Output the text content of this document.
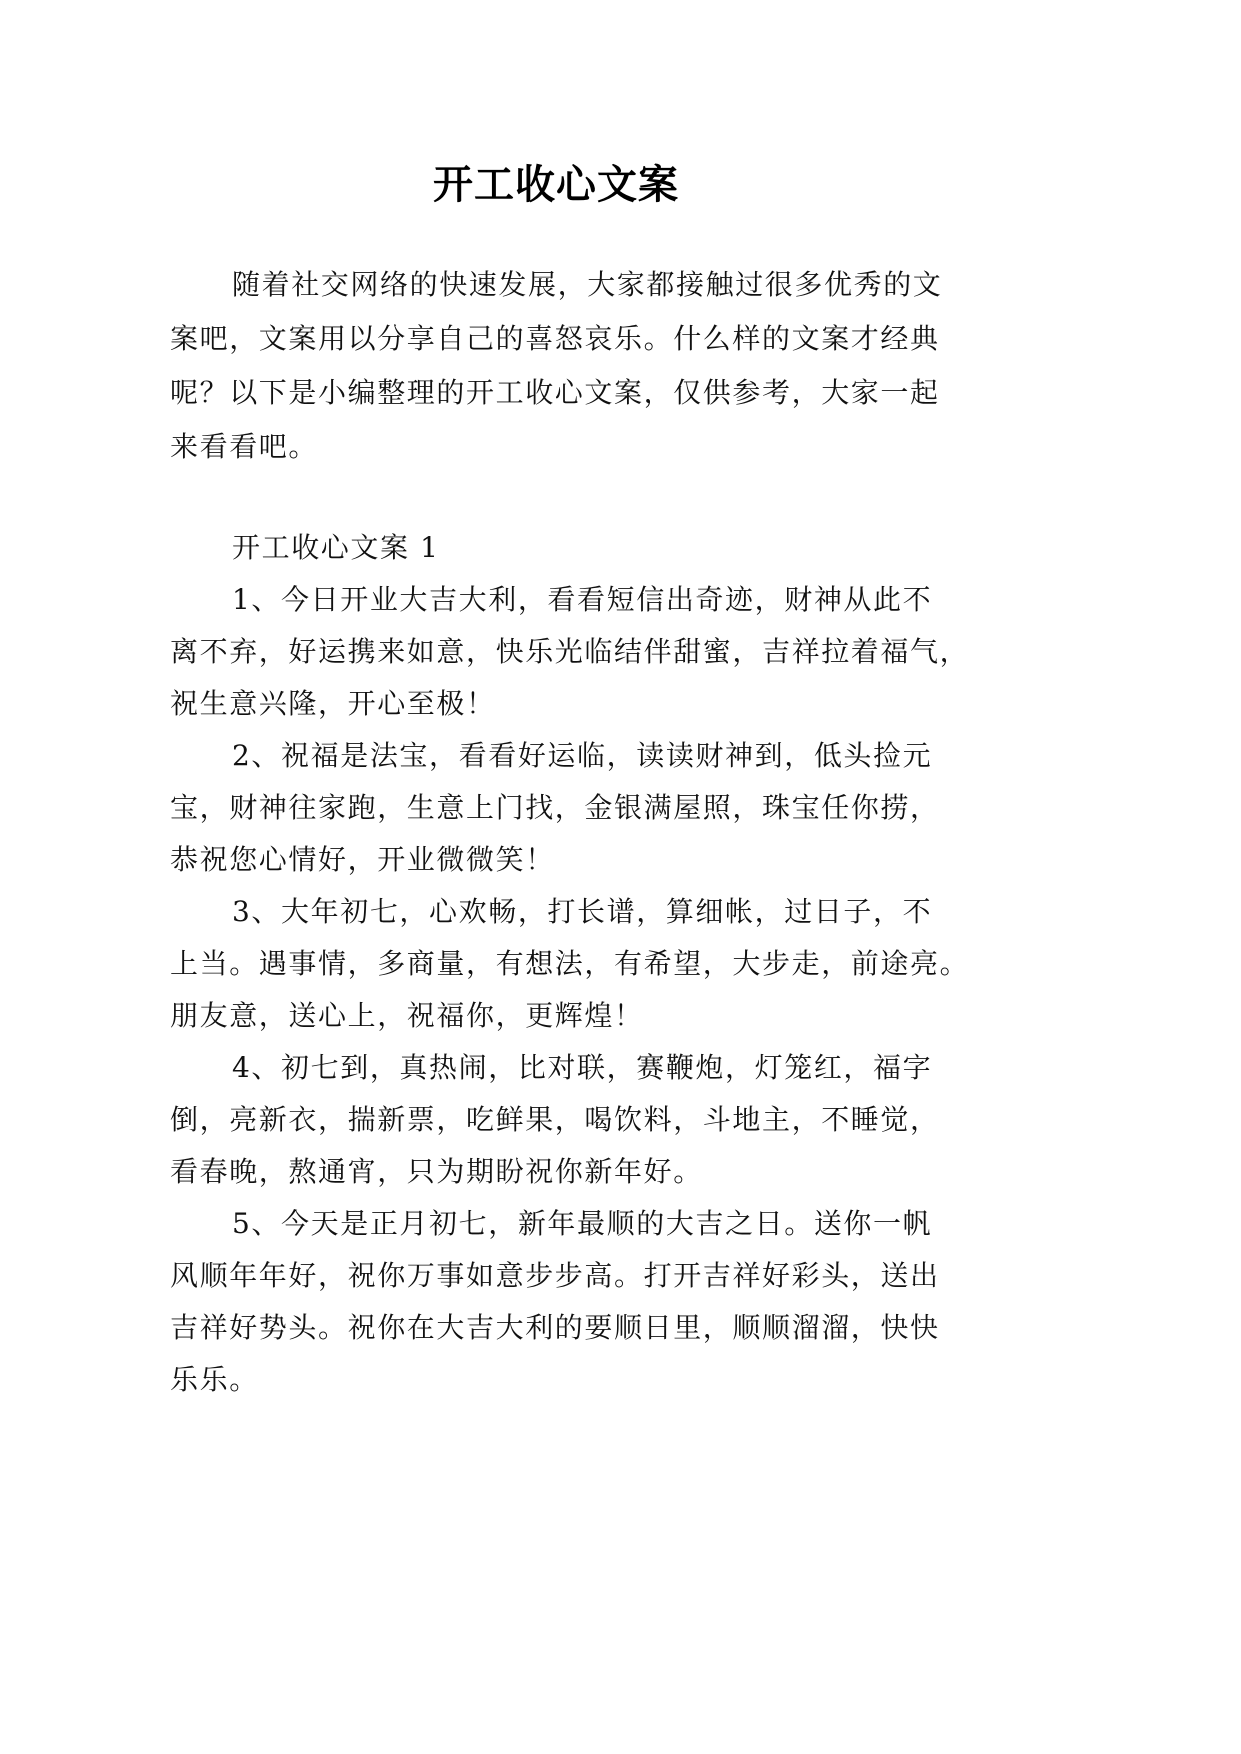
开工收心文案
随着社交网络的快速发展，大家都接触过很多优秀的文
案吧，文案用以分享自己的喜怒哀乐。什么样的文案才经典
呢？以下是小编整理的开工收心文案，仅供参考，大家一起
来看看吧。
开工收心文案 1
1、今日开业大吉大利，看看短信出奇迹，财神从此不
离不弃，好运携来如意，快乐光临结伴甜蜜，吉祥拉着福气，
祝生意兴隆，开心至极！
2、祝福是法宝，看看好运临，读读财神到，低头捡元
宝，财神往家跑，生意上门找，金银满屋照，珠宝任你捞，
恭祝您心情好，开业微微笑！
3、大年初七，心欢畅，打长谱，算细帐，过日子，不
上当。遇事情，多商量，有想法，有希望，大步走，前途亮。
朋友意，送心上，祝福你，更辉煌！
4、初七到，真热闹，比对联，赛鞭炮，灯笼红，福字
倒，亮新衣，揣新票，吃鲜果，喝饮料，斗地主，不睡觉，
看春晚，熬通宵，只为期盼祝你新年好。
5、今天是正月初七，新年最顺的大吉之日。送你一帆
风顺年年好，祝你万事如意步步高。打开吉祥好彩头，送出
吉祥好势头。祝你在大吉大利的要顺日里，顺顺溜溜，快快
乐乐。
